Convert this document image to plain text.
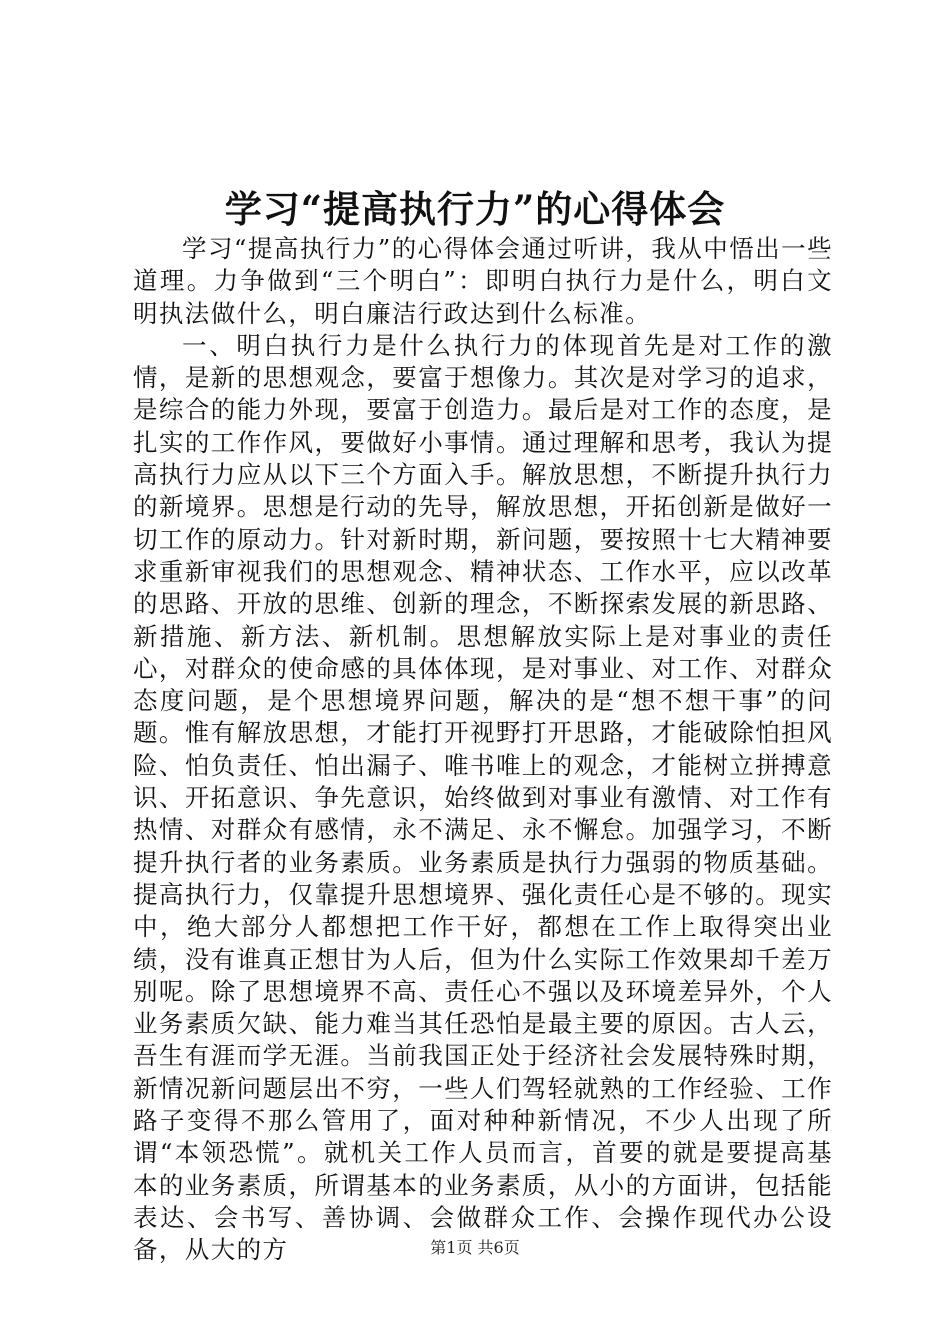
学习“提高执行力”的心得体会

学习“提高执行力”的心得体会通过听讲，我从中悟出一些道理。力争做到“三个明白”：即明白执行力是什么，明白文明执法做什么，明白廉洁行政达到什么标准。

一、明白执行力是什么执行力的体现首先是对工作的激情，是新的思想观念，要富于想像力。其次是对学习的追求，是综合的能力外现，要富于创造力。最后是对工作的态度，是扎实的工作作风，要做好小事情。通过理解和思考，我认为提高执行力应从以下三个方面入手。解放思想，不断提升执行力的新境界。思想是行动的先导，解放思想，开拓创新是做好一切工作的原动力。针对新时期，新问题，要按照十七大精神要求重新审视我们的思想观念、精神状态、工作水平，应以改革的思路、开放的思维、创新的理念，不断探索发展的新思路、新措施、新方法、新机制。思想解放实际上是对事业的责任心，对群众的使命感的具体体现，是对事业、对工作、对群众态度问题，是个思想境界问题，解决的是“想不想干事”的问题。惟有解放思想，才能打开视野打开思路，才能破除怕担风险、怕负责任、怕出漏子、唯书唯上的观念，才能树立拼搏意识、开拓意识、争先意识，始终做到对事业有激情、对工作有热情、对群众有感情，永不满足、永不懈怠。加强学习，不断提升执行者的业务素质。业务素质是执行力强弱的物质基础。提高执行力，仅靠提升思想境界、强化责任心是不够的。现实中，绝大部分人都想把工作干好，都想在工作上取得突出业绩，没有谁真正想甘为人后，但为什么实际工作效果却千差万别呢。除了思想境界不高、责任心不强以及环境差异外，个人业务素质欠缺、能力难当其任恐怕是最主要的原因。古人云，吾生有涯而学无涯。当前我国正处于经济社会发展特殊时期，新情况新问题层出不穷，一些人们驾轻就熟的工作经验、工作路子变得不那么管用了，面对种种新情况，不少人出现了所谓“本领恐慌”。就机关工作人员而言，首要的就是要提高基本的业务素质，所谓基本的业务素质，从小的方面讲，包括能表达、会书写、善协调、会做群众工作、会操作现代办公设备，从大的方	第1页 共6页
